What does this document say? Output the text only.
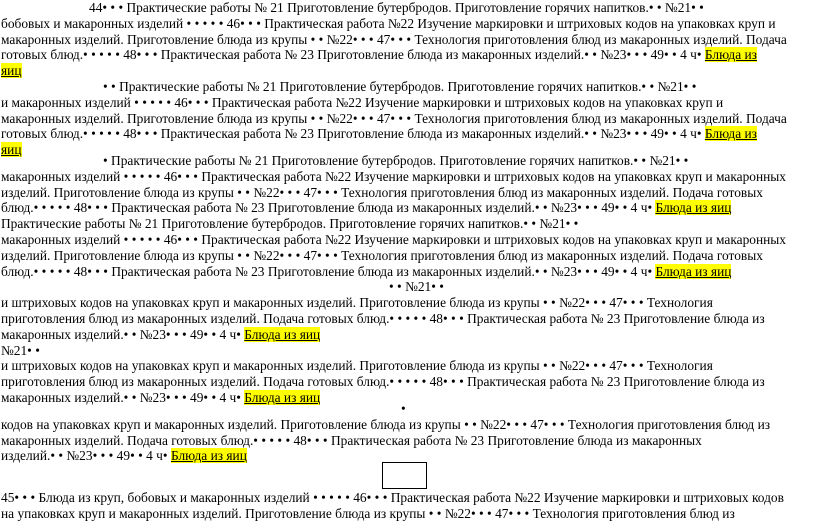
44• • • Практические работы № 21 Приготовление бутербродов. Приготовление горячих напитков.• • №21• •
бобовых и макаронных изделий • • • • • 46• • • Практическая работа №22 Изучение маркировки и штриховых кодов на упаковках круп и
макаронных изделий. Приготовление блюда из крупы • • №22• • • 47• • • Технология приготовления блюд из макаронных изделий. Подача
готовых блюд.• • • • • 48• • • Практическая работа № 23 Приготовление блюда из макаронных изделий.• • №23• • • 49• • 4 ч• Блюда из
яиц
• • Практические работы № 21 Приготовление бутербродов. Приготовление горячих напитков.• • №21• •
и макаронных изделий • • • • • 46• • • Практическая работа №22 Изучение маркировки и штриховых кодов на упаковках круп и
макаронных изделий. Приготовление блюда из крупы • • №22• • • 47• • • Технология приготовления блюд из макаронных изделий. Подача
готовых блюд.• • • • • 48• • • Практическая работа № 23 Приготовление блюда из макаронных изделий.• • №23• • • 49• • 4 ч• Блюда из
яиц
• Практические работы № 21 Приготовление бутербродов. Приготовление горячих напитков.• • №21• •
макаронных изделий • • • • • 46• • • Практическая работа №22 Изучение маркировки и штриховых кодов на упаковках круп и макаронных
изделий. Приготовление блюда из крупы • • №22• • • 47• • • Технология приготовления блюд из макаронных изделий. Подача готовых
блюд.• • • • • 48• • • Практическая работа № 23 Приготовление блюда из макаронных изделий.• • №23• • • 49• • 4 ч• Блюда из яиц
Практические работы № 21 Приготовление бутербродов. Приготовление горячих напитков.• • №21• •
макаронных изделий • • • • • 46• • • Практическая работа №22 Изучение маркировки и штриховых кодов на упаковках круп и макаронных
изделий. Приготовление блюда из крупы • • №22• • • 47• • • Технология приготовления блюд из макаронных изделий. Подача готовых
блюд.• • • • • 48• • • Практическая работа № 23 Приготовление блюда из макаронных изделий.• • №23• • • 49• • 4 ч• Блюда из яиц
• • №21• •
и штриховых кодов на упаковках круп и макаронных изделий. Приготовление блюда из крупы • • №22• • • 47• • • Технология
приготовления блюд из макаронных изделий. Подача готовых блюд.• • • • • 48• • • Практическая работа № 23 Приготовление блюда из
макаронных изделий.• • №23• • • 49• • 4 ч• Блюда из яиц
№21• •
и штриховых кодов на упаковках круп и макаронных изделий. Приготовление блюда из крупы • • №22• • • 47• • • Технология
приготовления блюд из макаронных изделий. Подача готовых блюд.• • • • • 48• • • Практическая работа № 23 Приготовление блюда из
макаронных изделий.• • №23• • • 49• • 4 ч• Блюда из яиц
•
кодов на упаковках круп и макаронных изделий. Приготовление блюда из крупы • • №22• • • 47• • • Технология приготовления блюд из
макаронных изделий. Подача готовых блюд.• • • • • 48• • • Практическая работа № 23 Приготовление блюда из макаронных
изделий.• • №23• • • 49• • 4 ч• Блюда из яиц
45• • • Блюда из круп, бобовых и макаронных изделий • • • • • 46• • • Практическая работа №22 Изучение маркировки и штриховых кодов
на упаковках круп и макаронных изделий. Приготовление блюда из крупы • • №22• • • 47• • • Технология приготовления блюд из
